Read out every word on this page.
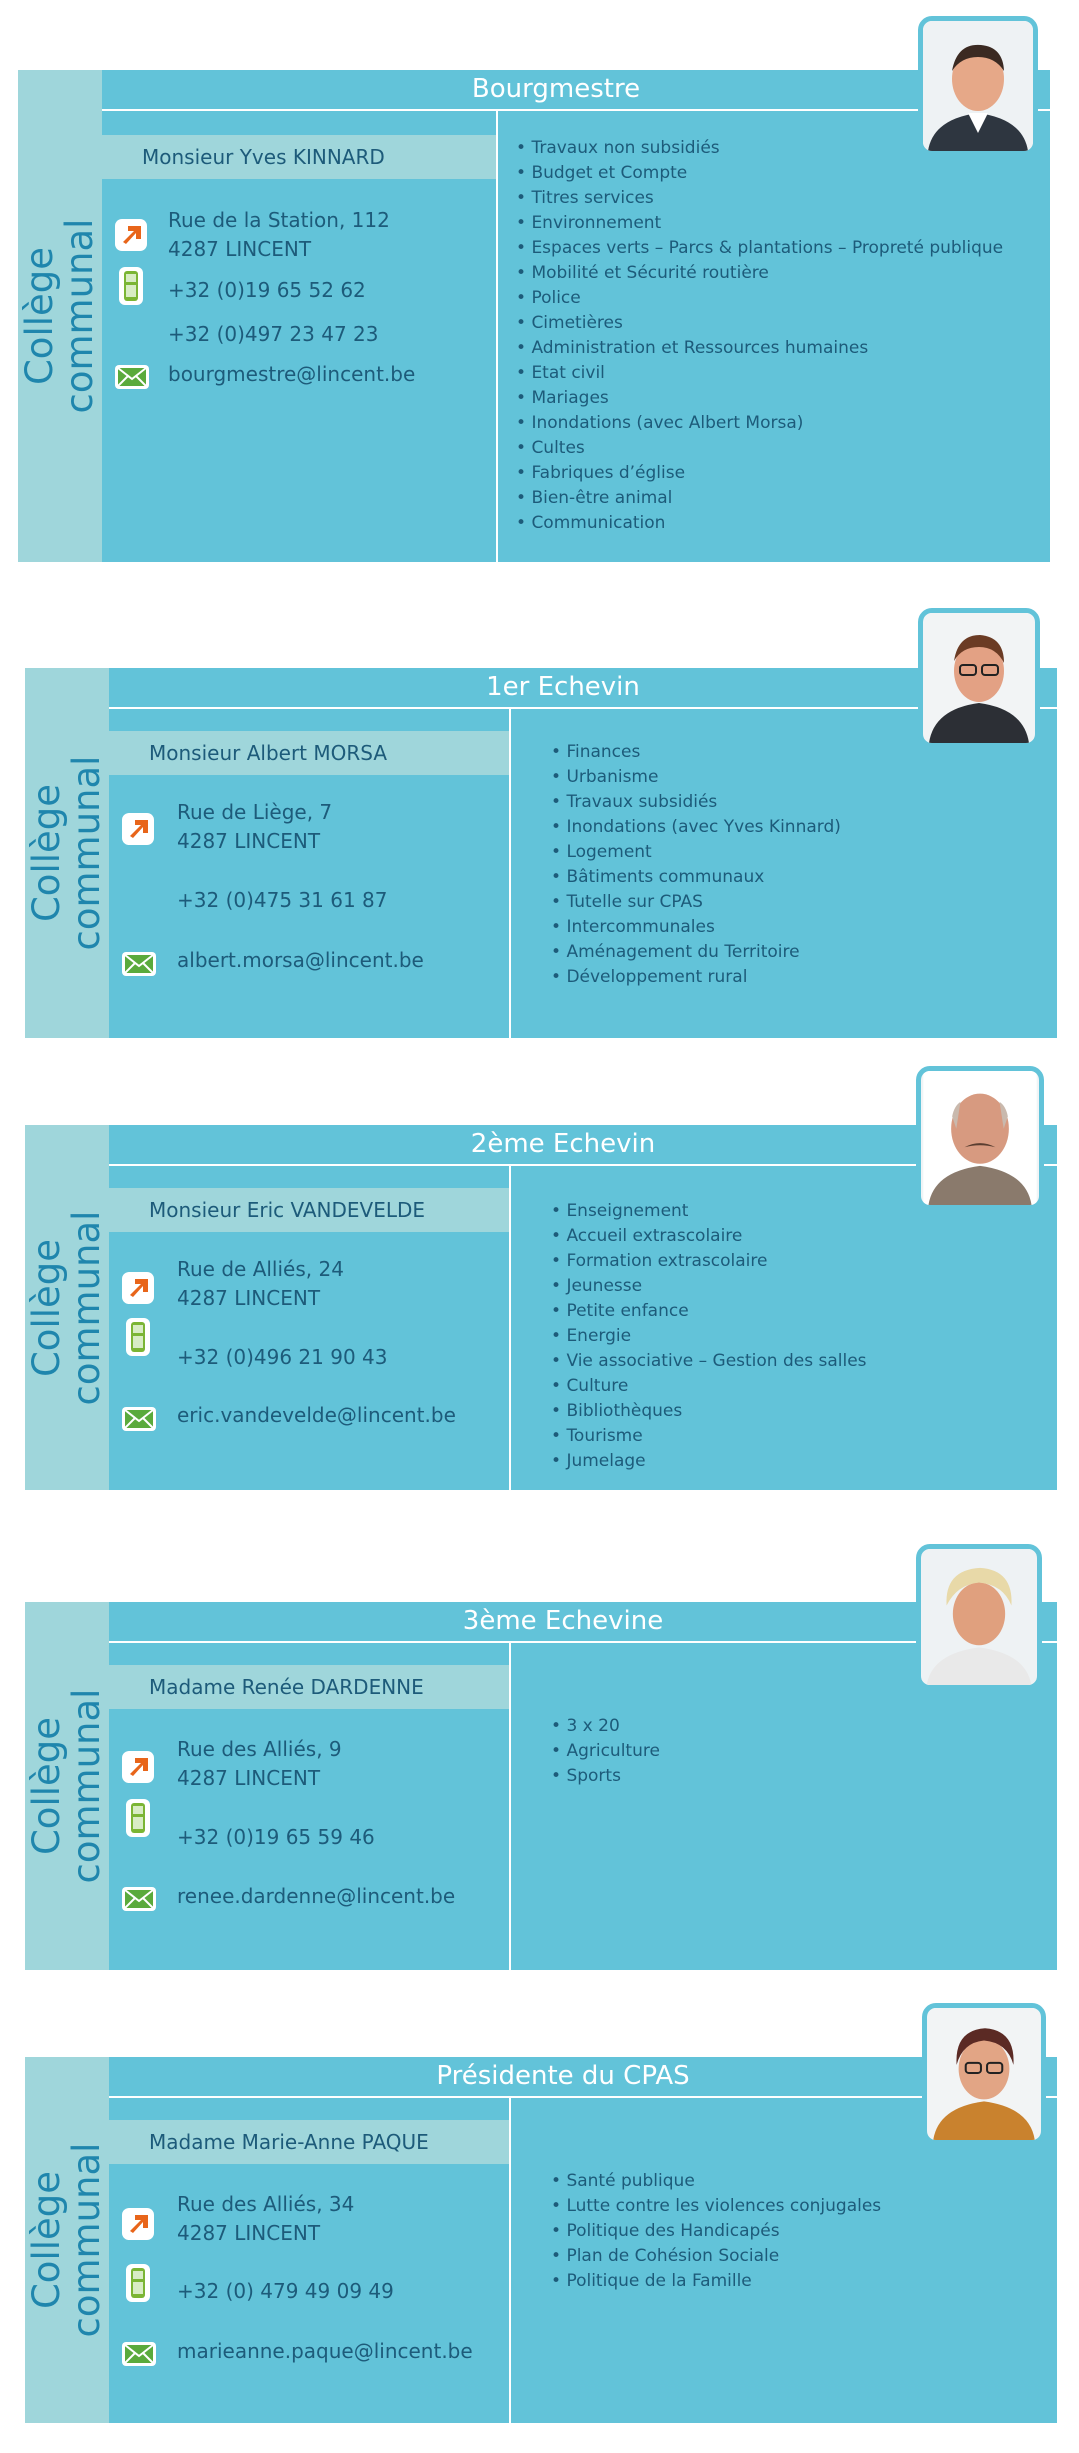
Collège
communal
Bourgmestre
Monsieur Yves KINNARD
Rue de la Station, 112
4287 LINCENT
+32 (0)19 65 52 62
+32 (0)497 23 47 23
bourgmestre@lincent.be
• Travaux non subsidiés
• Budget et Compte
• Titres services
• Environnement
• Espaces verts – Parcs & plantations – Propreté publique
• Mobilité et Sécurité routière
• Police
• Cimetières
• Administration et Ressources humaines
• Etat civil
• Mariages
• Inondations (avec Albert Morsa)
• Cultes
• Fabriques d’église
• Bien-être animal
• Communication
Collège
communal
1er Echevin
Monsieur Albert MORSA
Rue de Liège, 7
4287 LINCENT
+32 (0)475 31 61 87
albert.morsa@lincent.be
• Finances
• Urbanisme
• Travaux subsidiés
• Inondations (avec Yves Kinnard)
• Logement
• Bâtiments communaux
• Tutelle sur CPAS
• Intercommunales
• Aménagement du Territoire
• Développement rural
Collège
communal
2ème Echevin
Monsieur Eric VANDEVELDE
Rue de Alliés, 24
4287 LINCENT
+32 (0)496 21 90 43
eric.vandevelde@lincent.be
• Enseignement
• Accueil extrascolaire
• Formation extrascolaire
• Jeunesse
• Petite enfance
• Energie
• Vie associative – Gestion des salles
• Culture
• Bibliothèques
• Tourisme
• Jumelage
Collège
communal
3ème Echevine
Madame Renée DARDENNE
Rue des Alliés, 9
4287 LINCENT
+32 (0)19 65 59 46
renee.dardenne@lincent.be
• 3 x 20
• Agriculture
• Sports
Collège
communal
Présidente du CPAS
Madame Marie-Anne PAQUE
Rue des Alliés, 34
4287 LINCENT
+32 (0) 479 49 09 49
marieanne.paque@lincent.be
• Santé publique
• Lutte contre les violences conjugales
• Politique des Handicapés
• Plan de Cohésion Sociale
• Politique de la Famille
